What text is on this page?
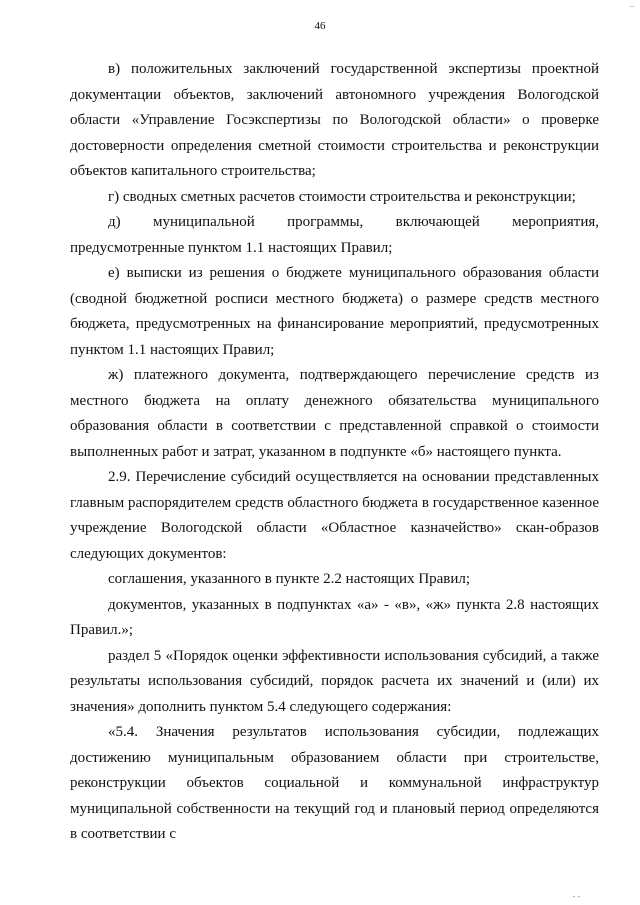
..
46

в) положительных заключений государственной экспертизы проектной документации объектов, заключений автономного учреждения Вологодской области «Управление Госэкспертизы по Вологодской области» о проверке достоверности определения сметной стоимости строительства и реконструкции объектов капитального строительства;

г) сводных сметных расчетов стоимости строительства и реконструкции;

д) муниципальной программы, включающей мероприятия, предусмотренные пунктом 1.1 настоящих Правил;

е) выписки из решения о бюджете муниципального образования области (сводной бюджетной росписи местного бюджета) о размере средств местного бюджета, предусмотренных на финансирование мероприятий, предусмотренных пунктом 1.1 настоящих Правил;

ж) платежного документа, подтверждающего перечисление средств из местного бюджета на оплату денежного обязательства муниципального образования области в соответствии с представленной справкой о стоимости выполненных работ и затрат, указанном в подпункте «б» настоящего пункта.

2.9. Перечисление субсидий осуществляется на основании представленных главным распорядителем средств областного бюджета в государственное казенное учреждение Вологодской области «Областное казначейство» скан-образов следующих документов:

соглашения, указанного в пункте 2.2 настоящих Правил;

документов, указанных в подпунктах «а» - «в», «ж» пункта 2.8 настоящих Правил.»;

раздел 5 «Порядок оценки эффективности использования субсидий, а также результаты использования субсидий, порядок расчета их значений и (или) их значения» дополнить пунктом 5.4 следующего содержания:

«5.4. Значения результатов использования субсидии, подлежащих достижению муниципальным образованием области при строительстве, реконструкции объектов социальной и коммунальной инфраструктур муниципальной собственности на текущий год и плановый период определяются в соответствии с

- -
